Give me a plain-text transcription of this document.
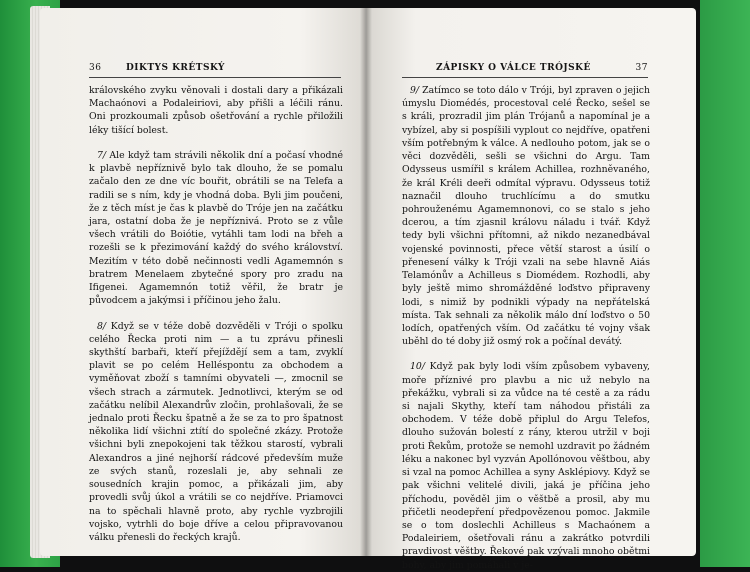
36	DIKTYS KRÉTSKÝ

královského zvyku věnovali i dostali dary a přikázali Machaónovi a Podaleiriovi, aby přišli a léčili ránu. Oni prozkoumali způsob ošetřování a rychle přiložili léky tišící bolest.

7/ Ale když tam strávili několik dní a počasí vhodné k plavbě nepříznivě bylo tak dlouho, že se pomalu začalo den ze dne víc bouřit, obrátili se na Telefa a radili se s ním, kdy je vhodná doba. Byli jim poučeni, že z těch míst je čas k plavbě do Tróje jen na začátku jara, ostatní doba že je nepříznivá. Proto se z vůle všech vrátili do Boiótie, vytáhli tam lodi na břeh a rozešli se k přezimování každý do svého království. Mezitím v této době nečinnosti vedli Agamemnón s bratrem Menelaem zbytečné spory pro zradu na Ifigenei. Agamemnón totiž věřil, že bratr je původcem a jakýmsi i příčinou jeho žalu.

8/ Když se v téže době dozvěděli v Tróji o spolku celého Řecka proti nim — a tu zprávu přinesli skythští barbaři, kteří přejíždějí sem a tam, zvyklí plavit se po celém Helléspontu za obchodem a vyměňovat zboží s tamními obyvateli —, zmocnil se všech strach a zármutek. Jednotlivci, kterým se od začátku nelíbil Alexandrův zločin, prohlašovali, že se jednalo proti Řecku špatně a že se za to pro špatnost několika lidí všichni ztítí do společné zkázy. Protože všichni byli znepokojeni tak těžkou starostí, vybrali Alexandros a jiné nejhorší rádcové především muže ze svých stanů, rozeslali je, aby sehnali ze sousedních krajin pomoc, a přikázali jim, aby provedli svůj úkol a vrátili se co nejdříve. Priamovci na to spěchali hlavně proto, aby rychle vyzbrojili vojsko, vytrhli do boje dříve a celou připravovanou válku přenesli do řeckých krajů.

ZÁPISKY O VÁLCE TRÓJSKÉ	37

9/ Zatímco se toto dálo v Tróji, byl zpraven o jejich úmyslu Diomédés, procestoval celé Řecko, sešel se s králi, prozradil jim plán Trójanů a napomínal je a vybízel, aby si pospíšili vyplout co nejdříve, opatřeni vším potřebným k válce. A nedlouho potom, jak se o věci dozvěděli, sešli se všichni do Argu. Tam Odysseus usmířil s králem Achillea, rozhněvaného, že král Kréli deeři odmítal výpravu. Odysseus totiž naznačil dlouho truchlícímu a do smutku pohrouženému Agamemnonovi, co se stalo s jeho dcerou, a tím zjasnil královu náladu i tvář. Když tedy byli všichni přítomni, až nikdo nezanedbával vojenské povinnosti, přece větší starost a úsilí o přenesení války k Tróji vzali na sebe hlavně Aiás Telamónův a Achilleus s Diomédem. Rozhodli, aby byly ještě mimo shromážděné loďstvo připraveny lodi, s nimiž by podnikli výpady na nepřátelská místa. Tak sehnali za několik málo dní loďstvo o 50 lodích, opatřených vším. Od začátku té vojny však uběhl do té doby již osmý rok a počínal devátý.

10/ Když pak byly lodi vším způsobem vybaveny, moře příznivé pro plavbu a nic už nebylo na překážku, vybrali si za vůdce na té cestě a za rádu si najali Skythy, kteří tam náhodou přistáli za obchodem. V téže době připlul do Argu Telefos, dlouho sužován bolestí z rány, kterou utržil v boji proti Řekům, protože se nemohl uzdravit po žádném léku a nakonec byl vyzván Apollónovou věštbou, aby si vzal na pomoc Achillea a syny Asklépiovy. Když se pak všichni velitelé divili, jaká je příčina jeho příchodu, pověděl jim o věštbě a prosil, aby mu přičetli neodepření předpovězenou pomoc. Jakmile se o tom doslechli Achilleus s Machaónem a Podaleiriem, ošetřovali ránu a zakrátko potvrdili pravdivost věštby. Řekové pak vzývali mnoho obětmi bohy, aby jim pomáhali v je-
